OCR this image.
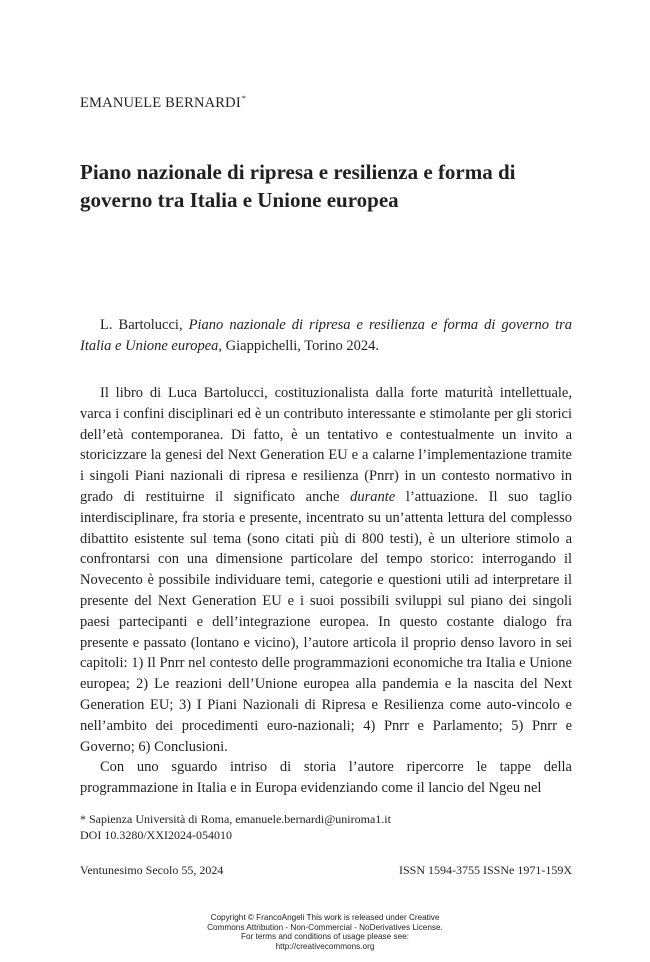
EMANUELE BERNARDI*
Piano nazionale di ripresa e resilienza e forma di governo tra Italia e Unione europea

L. Bartolucci, Piano nazionale di ripresa e resilienza e forma di governo tra Italia e Unione europea, Giappichelli, Torino 2024.

Il libro di Luca Bartolucci, costituzionalista dalla forte maturità intellettuale, varca i confini disciplinari ed è un contributo interessante e stimolante per gli storici dell’età contemporanea. Di fatto, è un tentativo e contestualmente un invito a storicizzare la genesi del Next Generation EU e a calarne l’implementazione tramite i singoli Piani nazionali di ripresa e resilienza (Pnrr) in un contesto normativo in grado di restituirne il significato anche durante l’attuazione. Il suo taglio interdisciplinare, fra storia e presente, incentrato su un’attenta lettura del complesso dibattito esistente sul tema (sono citati più di 800 testi), è un ulteriore stimolo a confrontarsi con una dimensione particolare del tempo storico: interrogando il Novecento è possibile individuare temi, categorie e questioni utili ad interpretare il presente del Next Generation EU e i suoi possibili sviluppi sul piano dei singoli paesi partecipanti e dell’integrazione europea. In questo costante dialogo fra presente e passato (lontano e vicino), l’autore articola il proprio denso lavoro in sei capitoli: 1) Il Pnrr nel contesto delle programmazioni economiche tra Italia e Unione europea; 2) Le reazioni dell’Unione europea alla pandemia e la nascita del Next Generation EU; 3) I Piani Nazionali di Ripresa e Resilienza come auto-vincolo e nell’ambito dei procedimenti euro-nazionali; 4) Pnrr e Parlamento; 5) Pnrr e Governo; 6) Conclusioni.

Con uno sguardo intriso di storia l’autore ripercorre le tappe della programmazione in Italia e in Europa evidenziando come il lancio del Ngeu nel

* Sapienza Università di Roma, emanuele.bernardi@uniroma1.it
DOI 10.3280/XXI2024-054010
Ventunesimo Secolo 55, 2024	ISSN 1594-3755 ISSNe 1971-159X
Copyright © FrancoAngeli This work is released under Creative
Commons Attribution - Non-Commercial - NoDerivatives License.
For terms and conditions of usage please see:
http://creativecommons.org
